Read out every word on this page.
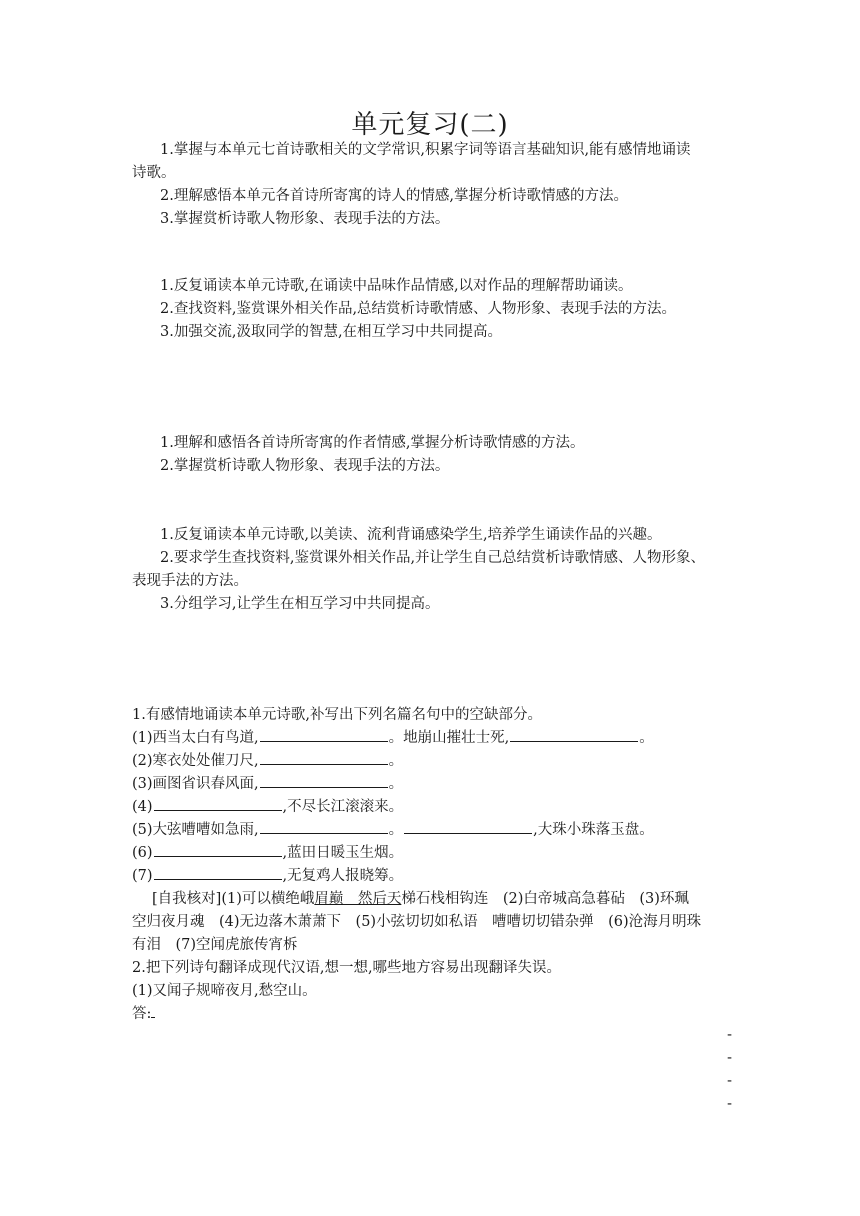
单元复习(二)
1.掌握与本单元七首诗歌相关的文学常识,积累字词等语言基础知识,能有感情地诵读
诗歌。
2.理解感悟本单元各首诗所寄寓的诗人的情感,掌握分析诗歌情感的方法。
3.掌握赏析诗歌人物形象、表现手法的方法。
1.反复诵读本单元诗歌,在诵读中品味作品情感,以对作品的理解帮助诵读。
2.查找资料,鉴赏课外相关作品,总结赏析诗歌情感、人物形象、表现手法的方法。
3.加强交流,汲取同学的智慧,在相互学习中共同提高。
1.理解和感悟各首诗所寄寓的作者情感,掌握分析诗歌情感的方法。
2.掌握赏析诗歌人物形象、表现手法的方法。
1.反复诵读本单元诗歌,以美读、流利背诵感染学生,培养学生诵读作品的兴趣。
2.要求学生查找资料,鉴赏课外相关作品,并让学生自己总结赏析诗歌情感、人物形象、
表现手法的方法。
3.分组学习,让学生在相互学习中共同提高。
1.有感情地诵读本单元诗歌,补写出下列名篇名句中的空缺部分。
(1)西当太白有鸟道,	。地崩山摧壮士死,	。
(2)寒衣处处催刀尺,	。
(3)画图省识春风面,	。
(4)	,不尽长江滚滚来。
(5)大弦嘈嘈如急雨,	。	,大珠小珠落玉盘。
(6)	,蓝田日暖玉生烟。
(7)	,无复鸡人报晓筹。
[自我核对](1)可以横绝峨眉巅　然后天梯石栈相钩连　(2)白帝城高急暮砧　(3)环珮
空归夜月魂　(4)无边落木萧萧下　(5)小弦切切如私语　嘈嘈切切错杂弹　(6)沧海月明珠
有泪　(7)空闻虎旅传宵柝
2.把下列诗句翻译成现代汉语,想一想,哪些地方容易出现翻译失误。
(1)又闻子规啼夜月,愁空山。
答:
-
-
-
-
